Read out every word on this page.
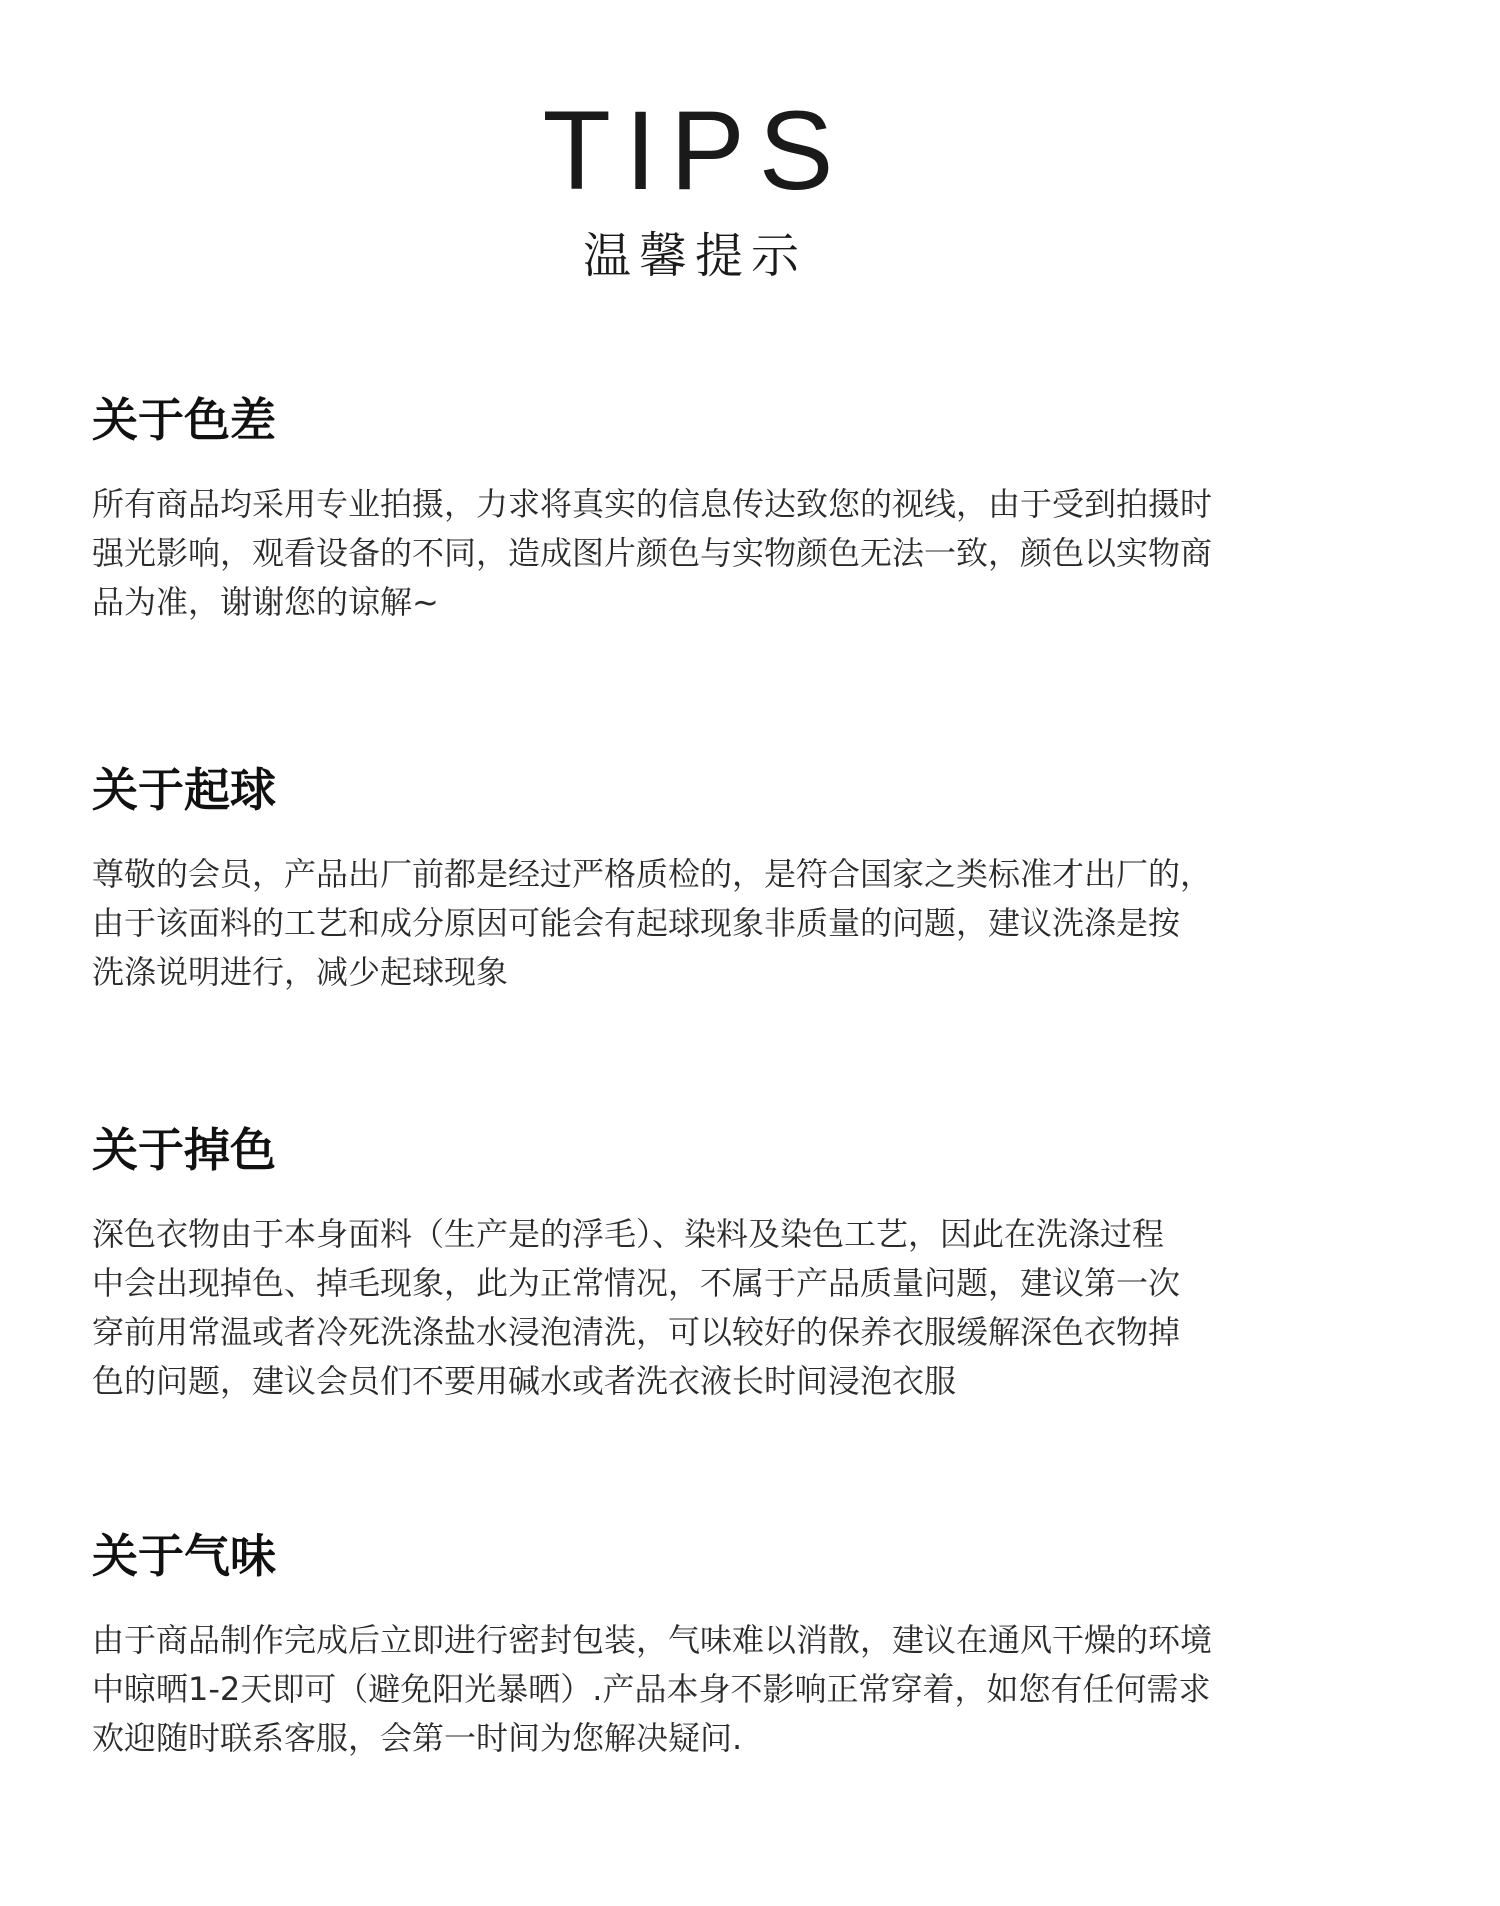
TIPS
温馨提示
关于色差

所有商品均采用专业拍摄，力求将真实的信息传达致您的视线，由于受到拍摄时
强光影响，观看设备的不同，造成图片颜色与实物颜色无法一致，颜色以实物商
品为准，谢谢您的谅解~

关于起球

尊敬的会员，产品出厂前都是经过严格质检的，是符合国家之类标准才出厂的，
由于该面料的工艺和成分原因可能会有起球现象非质量的问题，建议洗涤是按
洗涤说明进行，减少起球现象

关于掉色

深色衣物由于本身面料（生产是的浮毛）、染料及染色工艺，因此在洗涤过程
中会出现掉色、掉毛现象，此为正常情况，不属于产品质量问题，建议第一次
穿前用常温或者冷死洗涤盐水浸泡清洗，可以较好的保养衣服缓解深色衣物掉
色的问题，建议会员们不要用碱水或者洗衣液长时间浸泡衣服

关于气味

由于商品制作完成后立即进行密封包装，气味难以消散，建议在通风干燥的环境
中晾晒1-2天即可（避免阳光暴晒）.产品本身不影响正常穿着，如您有任何需求
欢迎随时联系客服，会第一时间为您解决疑问.
